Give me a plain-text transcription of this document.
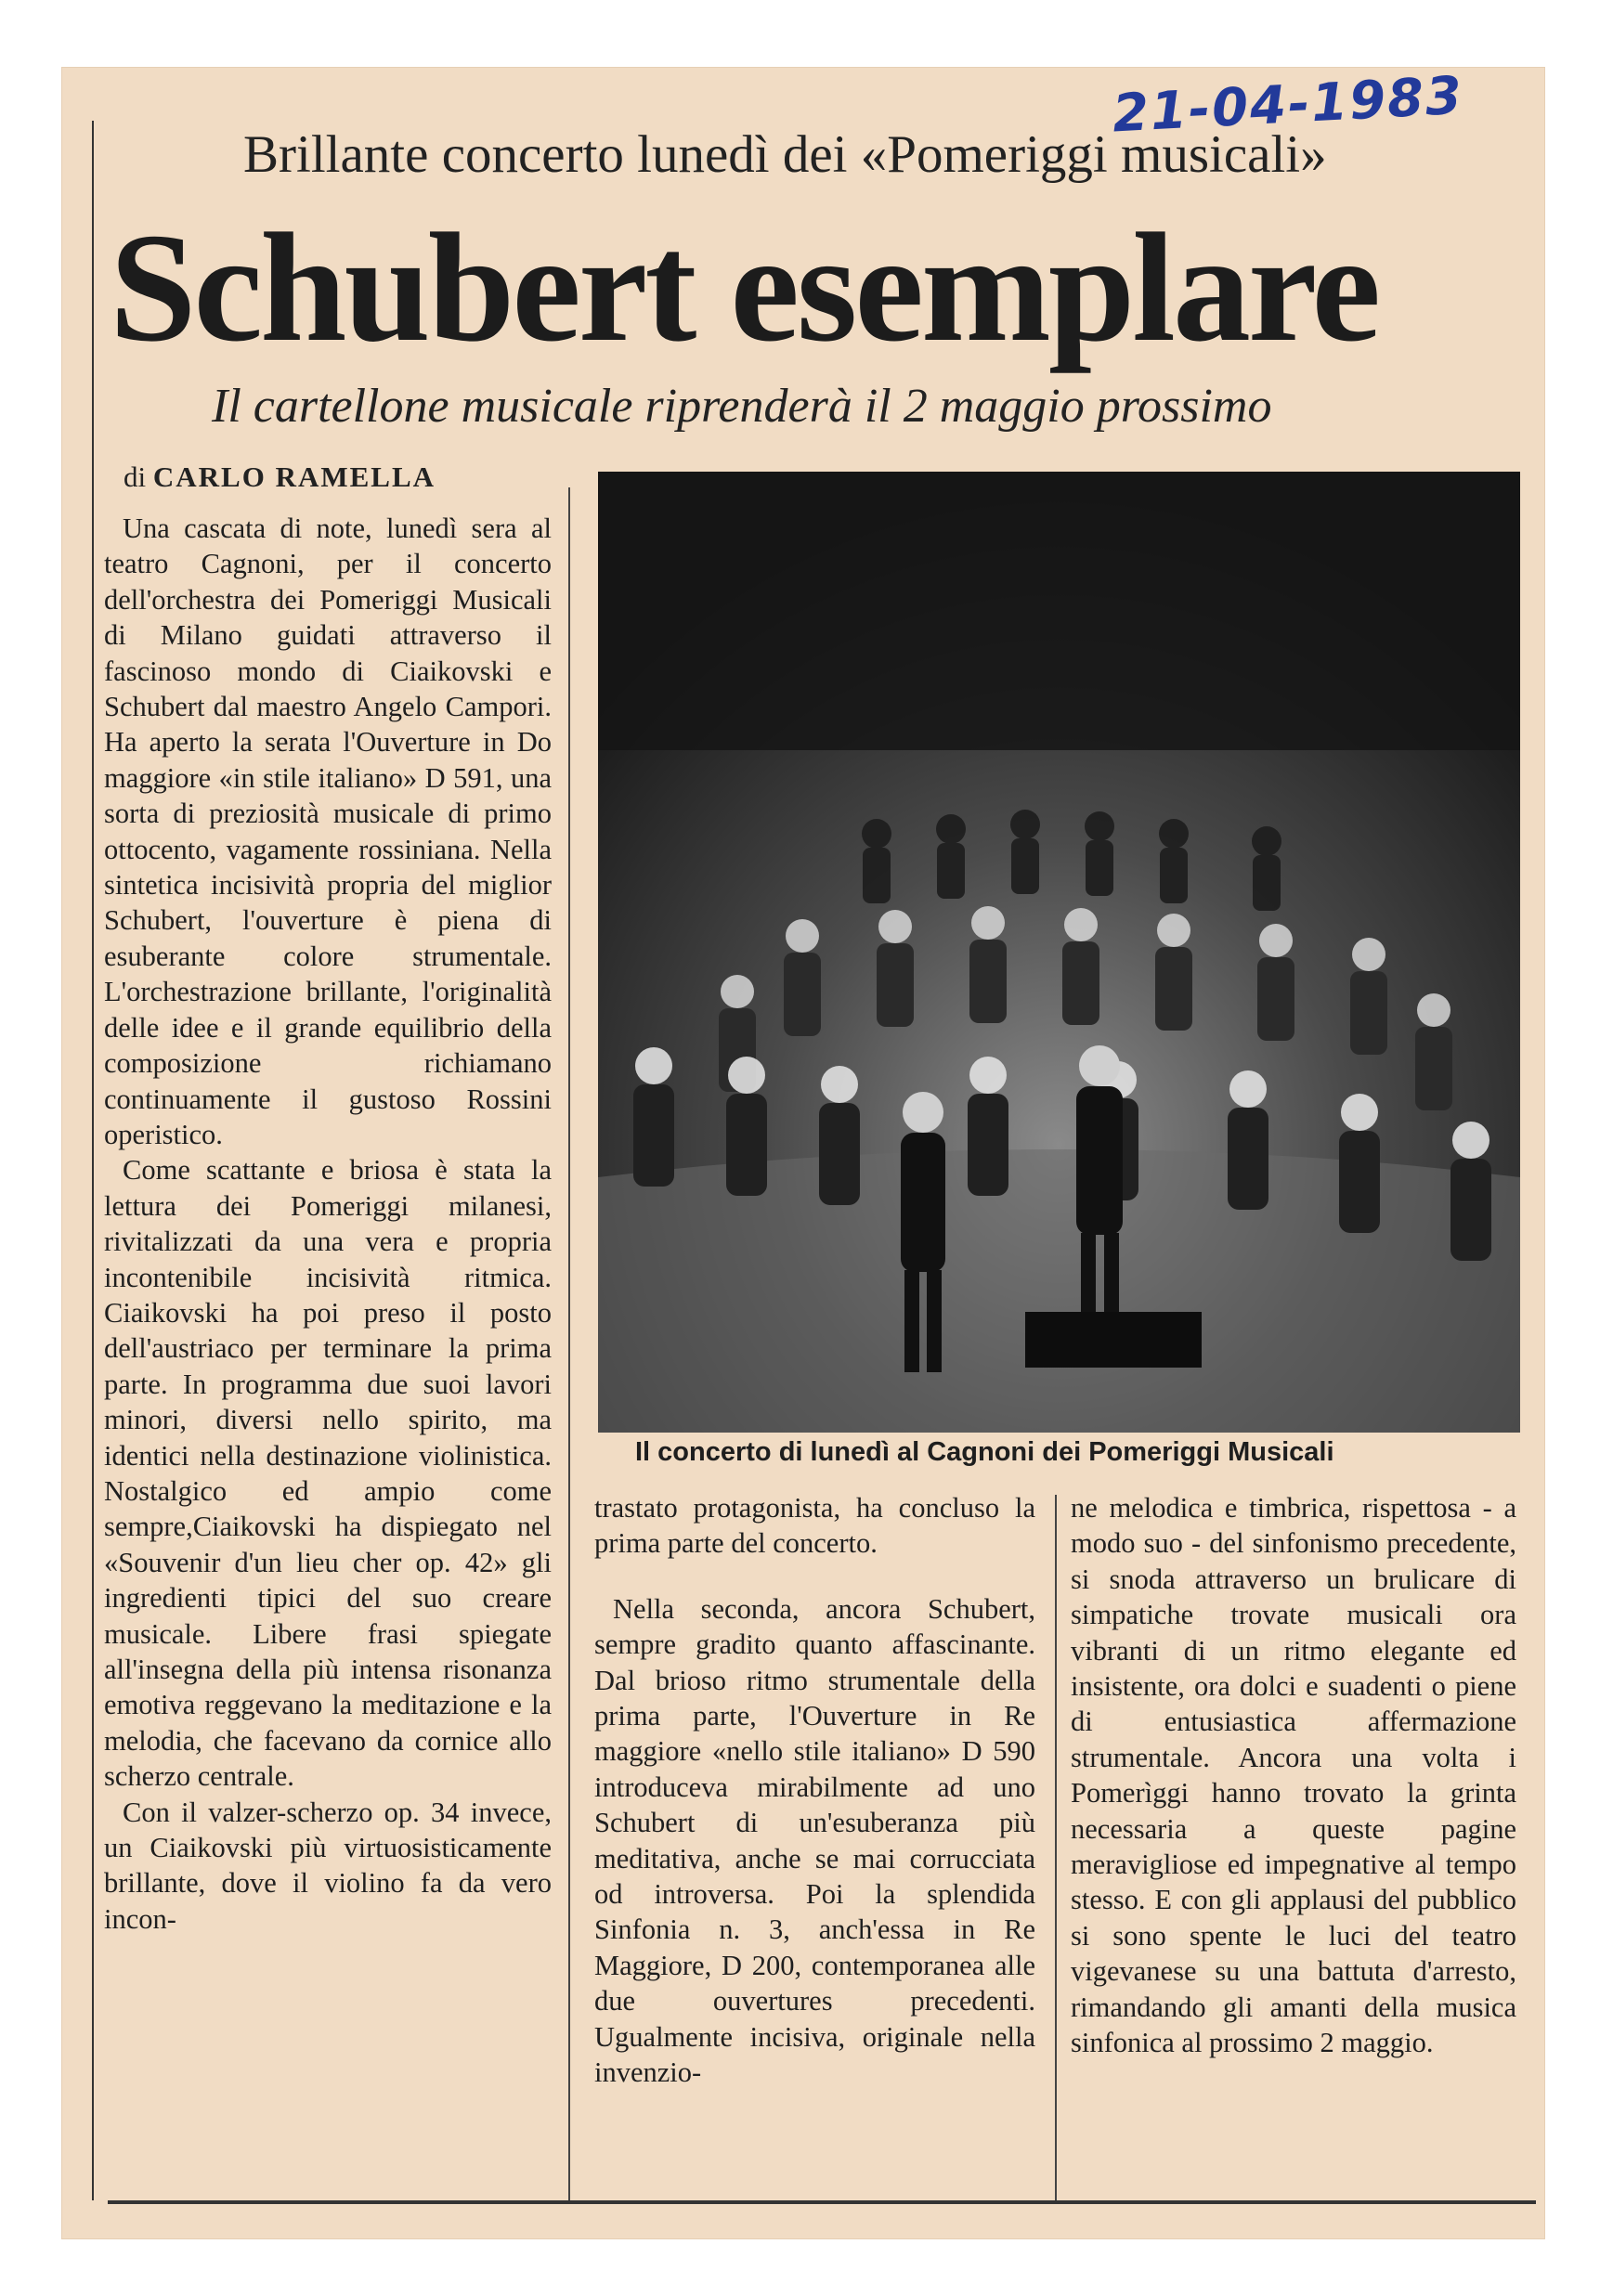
21-04-1983
Brillante concerto lunedì dei «Pomeriggi musicali»
Schubert esemplare
Il cartellone musicale riprenderà il 2 maggio prossimo
di CARLO RAMELLA

Una cascata di note, lunedì sera al teatro Cagnoni, per il concerto dell'orchestra dei Pomeriggi Musicali di Milano guidati attraverso il fascinoso mondo di Ciaikovski e Schubert dal maestro Angelo Campori. Ha aperto la serata l'Ouverture in Do maggiore «in stile italiano» D 591, una sorta di preziosità musicale di primo ottocento, vagamente rossiniana. Nella sintetica incisività propria del miglior Schubert, l'ouverture è piena di esuberante colore strumentale. L'orchestrazione brillante, l'originalità delle idee e il grande equilibrio della composizione richiamano continuamente il gustoso Rossini operistico.

Come scattante e briosa è stata la lettura dei Pomeriggi milanesi, rivitalizzati da una vera e propria incontenibile incisività ritmica. Ciaikovski ha poi preso il posto dell'austriaco per terminare la prima parte. In programma due suoi lavori minori, diversi nello spirito, ma identici nella destinazione violinistica. Nostalgico ed ampio come sempre,Ciaikovski ha dispiegato nel «Souvenir d'un lieu cher op. 42» gli ingredienti tipici del suo creare musicale. Libere frasi spiegate all'insegna della più intensa risonanza emotiva reggevano la meditazione e la melodia, che facevano da cornice allo scherzo centrale.

Con il valzer-scherzo op. 34 invece, un Ciaikovski più virtuosisticamente brillante, dove il violino fa da vero incon-

Il concerto di lunedì al Cagnoni dei Pomeriggi Musicali

trastato protagonista, ha concluso la prima parte del concerto.

Nella seconda, ancora Schubert, sempre gradito quanto affascinante. Dal brioso ritmo strumentale della prima parte, l'Ouverture in Re maggiore «nello stile italiano» D 590 introduceva mirabilmente ad uno Schubert di un'esuberanza più meditativa, anche se mai corrucciata od introversa. Poi la splendida Sinfonia n. 3, anch'essa in Re Maggiore, D 200, contemporanea alle due ouvertures precedenti. Ugualmente incisiva, originale nella invenzio-

ne melodica e timbrica, rispettosa - a modo suo - del sinfonismo precedente, si snoda attraverso un brulicare di simpatiche trovate musicali ora vibranti di un ritmo elegante ed insistente, ora dolci e suadenti o piene di entusiastica affermazione strumentale. Ancora una volta i Pomerìggi hanno trovato la grinta necessaria a queste pagine meravigliose ed impegnative al tempo stesso. E con gli applausi del pubblico si sono spente le luci del teatro vigevanese su una battuta d'arresto, rimandando gli amanti della musica sinfonica al prossimo 2 maggio.
